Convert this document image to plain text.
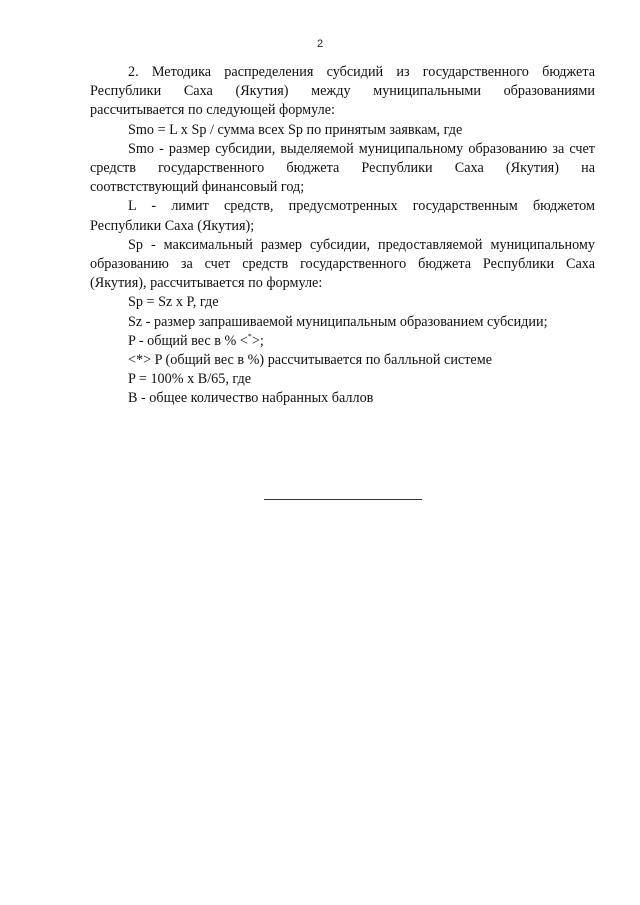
2

2. Методика распределения субсидий из государственного бюджета Республики Саха (Якутия) между муниципальными образованиями рассчитывается по следующей формуле:

Smo = L x Sp / сумма всех Sp по принятым заявкам, где

Smo - размер субсидии, выделяемой муниципальному образованию за счет средств государственного бюджета Республики Саха (Якутия) на соотвстствующий финансовый год;

L - лимит средств, предусмотренных государственным бюджетом Республики Саха (Якутия);

Sp - максимальный размер субсидии, предоставляемой муниципальному образованию за счет средств государственного бюджета Республики Саха (Якутия), рассчитывается по формуле:

Sp = Sz x P, где

Sz - размер запрашиваемой муниципальным образованием субсидии;

P - общий вес в % <*>;

<*> P (общий вес в %) рассчитывается по балльной системе

P = 100% x B/65, где

B - общее количество набранных баллов
